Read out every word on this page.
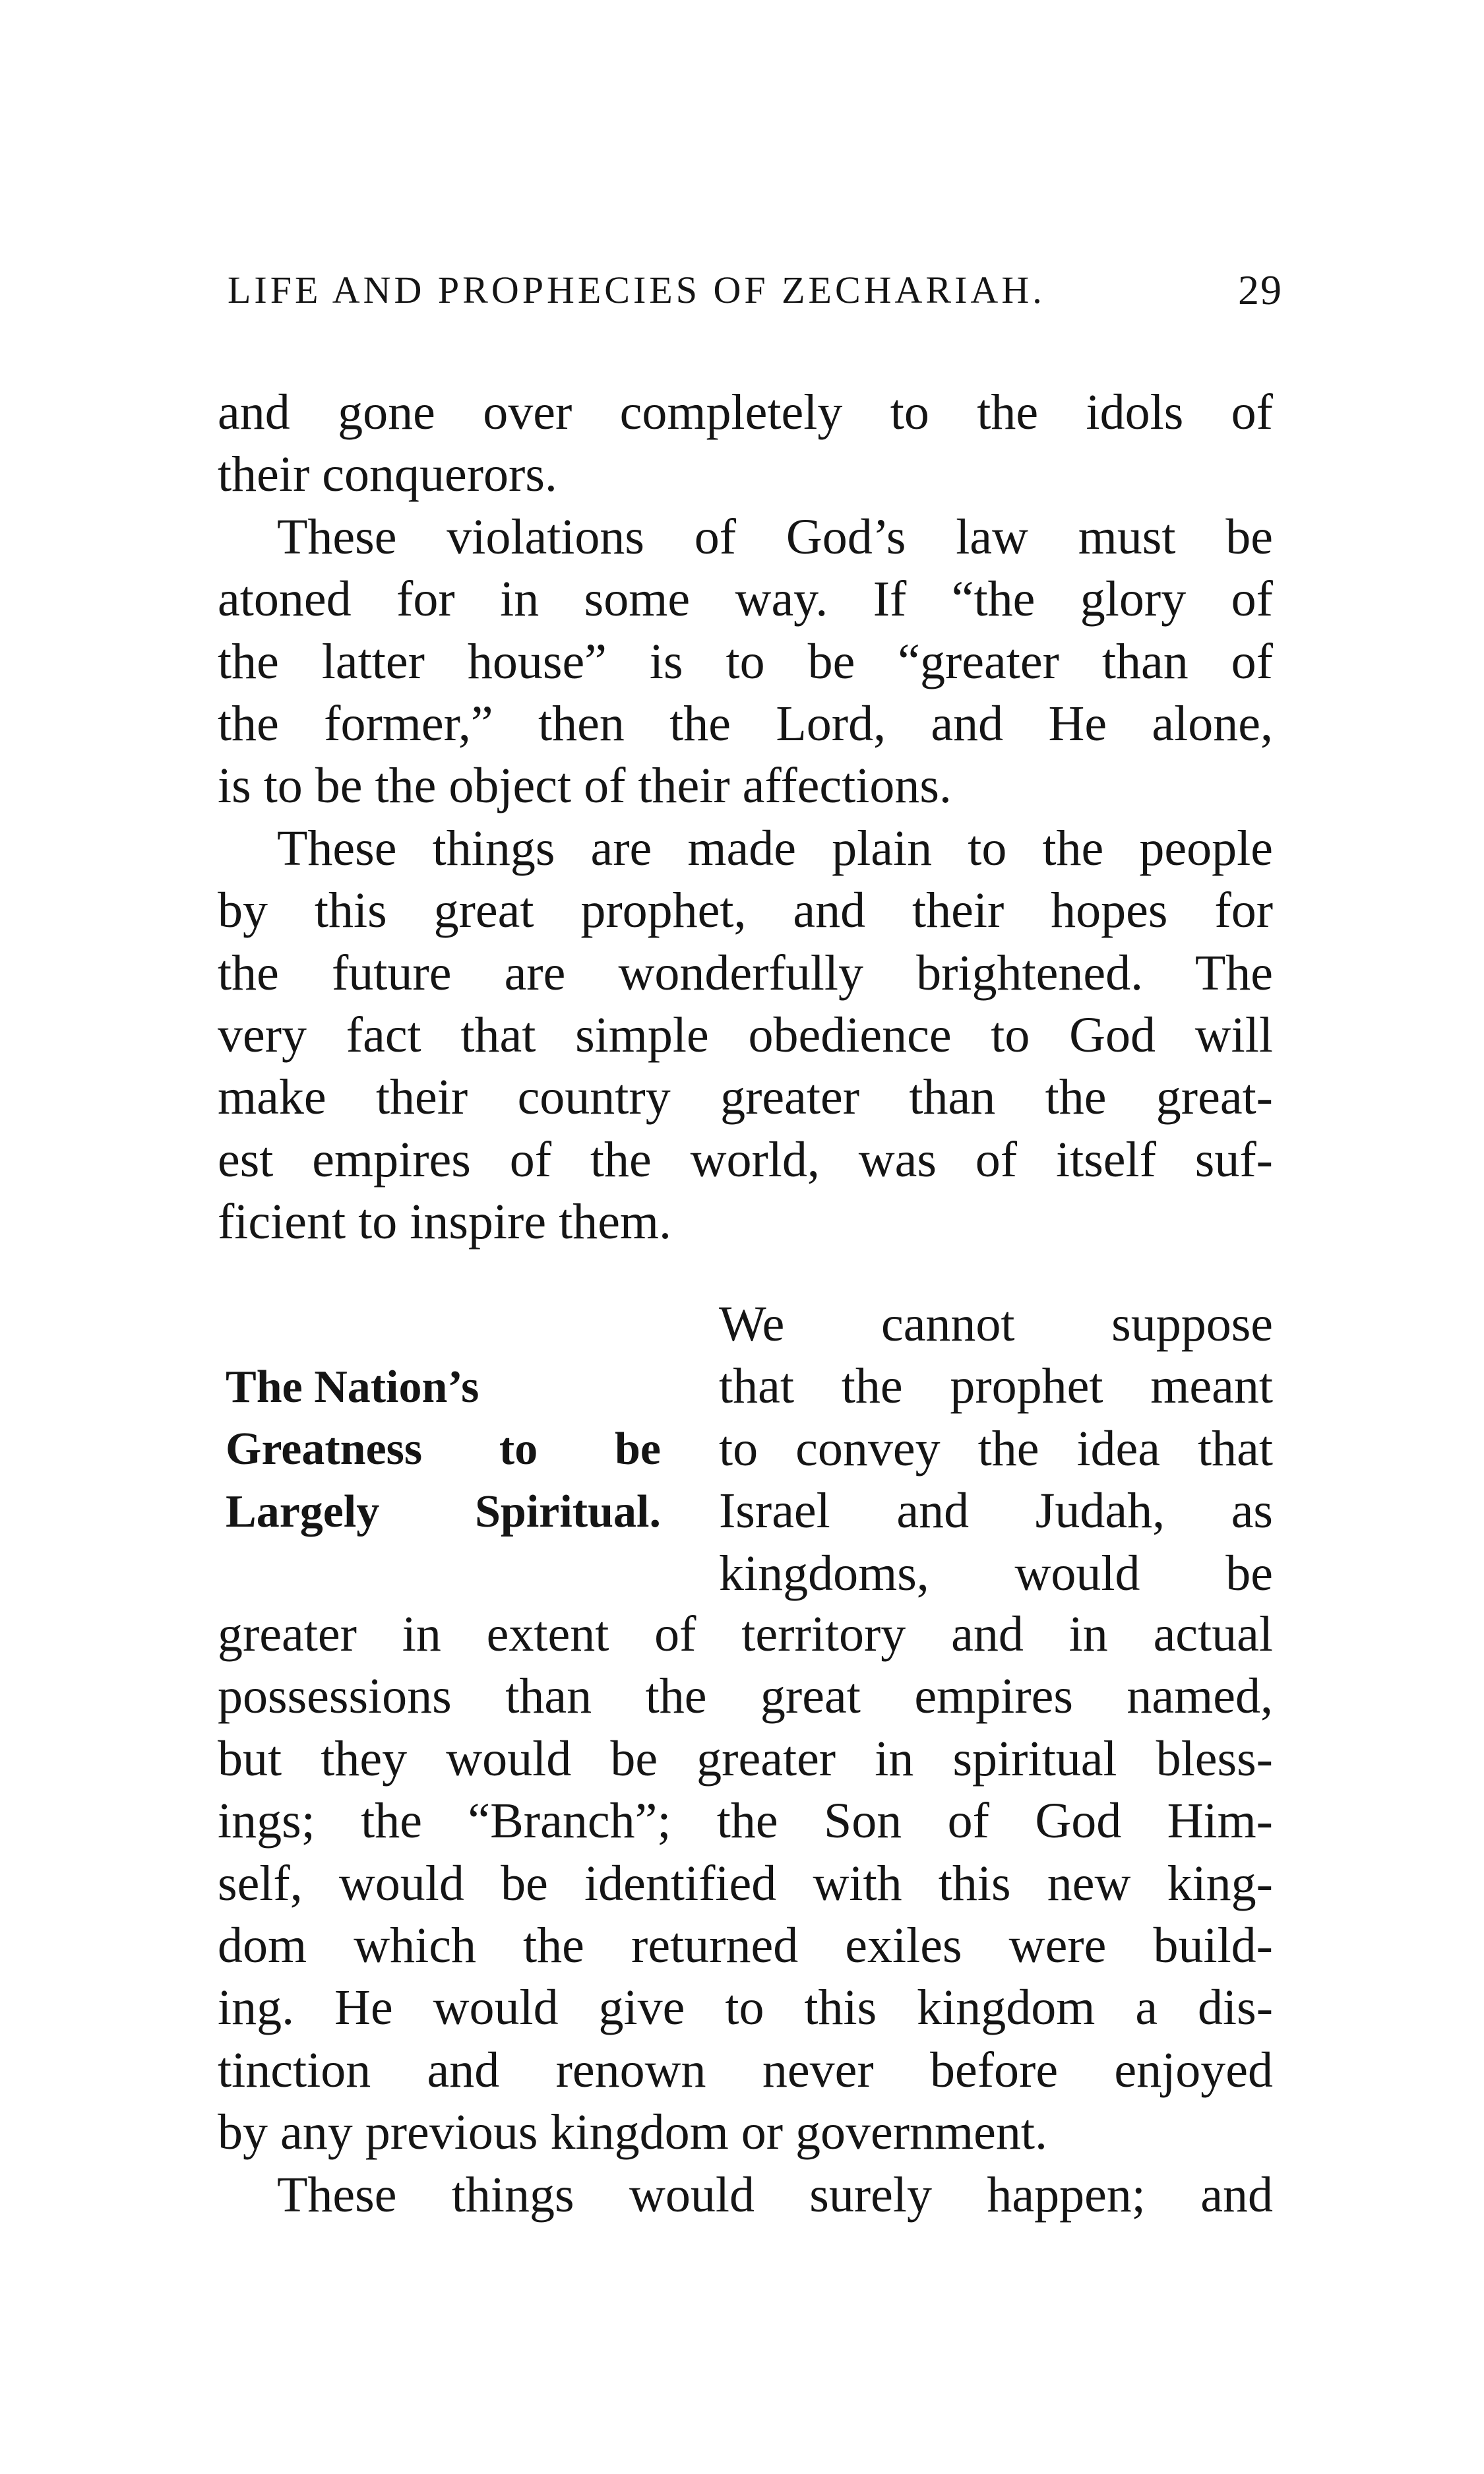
LIFE AND PROPHECIES OF ZECHARIAH.	29
and gone over completely to the idols of
their conquerors.
These violations of God’s law must be
atoned for in some way. If “the glory of
the latter house” is to be “greater than of
the former,” then the Lord, and He alone,
is to be the object of their affections.
These things are made plain to the people
by this great prophet, and their hopes for
the future are wonderfully brightened. The
very fact that simple obedience to God will
make their country greater than the great-
est empires of the world, was of itself suf-
ficient to inspire them.
The Nation’s
Greatness to be
Largely Spiritual.
We cannot suppose
that the prophet meant
to convey the idea that
Israel and Judah, as
kingdoms, would be
greater in extent of territory and in actual
possessions than the great empires named,
but they would be greater in spiritual bless-
ings; the “Branch”; the Son of God Him-
self, would be identified with this new king-
dom which the returned exiles were build-
ing. He would give to this kingdom a dis-
tinction and renown never before enjoyed
by any previous kingdom or government.
These things would surely happen; and
